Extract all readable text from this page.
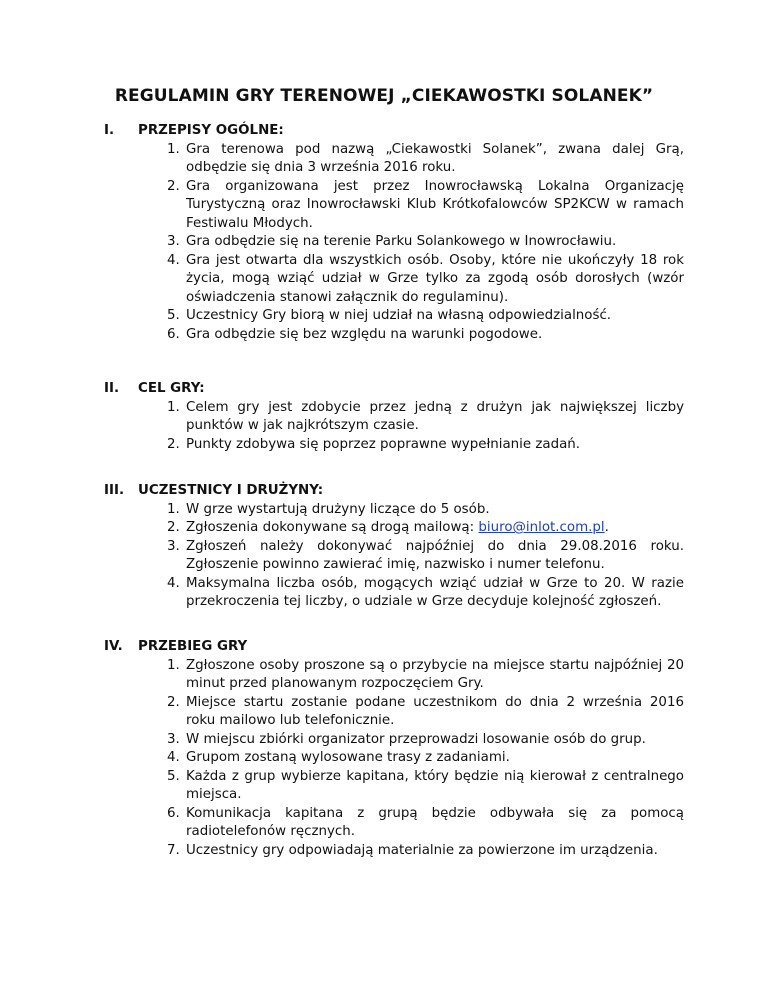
REGULAMIN GRY TERENOWEJ „CIEKAWOSTKI SOLANEK”
I. PRZEPISY OGÓLNE:
1. Gra terenowa pod nazwą „Ciekawostki Solanek”, zwana dalej Grą, odbędzie się dnia 3 września 2016 roku.
2. Gra organizowana jest przez Inowrocławską Lokalna Organizację Turystyczną oraz Inowrocławski Klub Krótkofalowców SP2KCW w ramach Festiwalu Młodych.
3. Gra odbędzie się na terenie Parku Solankowego w Inowrocławiu.
4. Gra jest otwarta dla wszystkich osób. Osoby, które nie ukończyły 18 rok życia, mogą wziąć udział w Grze tylko za zgodą osób dorosłych (wzór oświadczenia stanowi załącznik do regulaminu).
5. Uczestnicy Gry biorą w niej udział na własną odpowiedzialność.
6. Gra odbędzie się bez względu na warunki pogodowe.
II. CEL GRY:
1. Celem gry jest zdobycie przez jedną z drużyn jak największej liczby punktów w jak najkrótszym czasie.
2. Punkty zdobywa się poprzez poprawne wypełnianie zadań.
III. UCZESTNICY I DRUŻYNY:
1. W grze wystartują drużyny liczące do 5 osób.
2. Zgłoszenia dokonywane są drogą mailową: biuro@inlot.com.pl.
3. Zgłoszeń należy dokonywać najpóźniej do dnia 29.08.2016 roku. Zgłoszenie powinno zawierać imię, nazwisko i numer telefonu.
4. Maksymalna liczba osób, mogących wziąć udział w Grze to 20. W razie przekroczenia tej liczby, o udziale w Grze decyduje kolejność zgłoszeń.
IV. PRZEBIEG GRY
1. Zgłoszone osoby proszone są o przybycie na miejsce startu najpóźniej 20 minut przed planowanym rozpoczęciem Gry.
2. Miejsce startu zostanie podane uczestnikom do dnia 2 września 2016 roku mailowo lub telefonicznie.
3. W miejscu zbiórki organizator przeprowadzi losowanie osób do grup.
4. Grupom zostaną wylosowane trasy z zadaniami.
5. Każda z grup wybierze kapitana, który będzie nią kierował z centralnego miejsca.
6. Komunikacja kapitana z grupą będzie odbywała się za pomocą radiotelefonów ręcznych.
7. Uczestnicy gry odpowiadają materialnie za powierzone im urządzenia.
